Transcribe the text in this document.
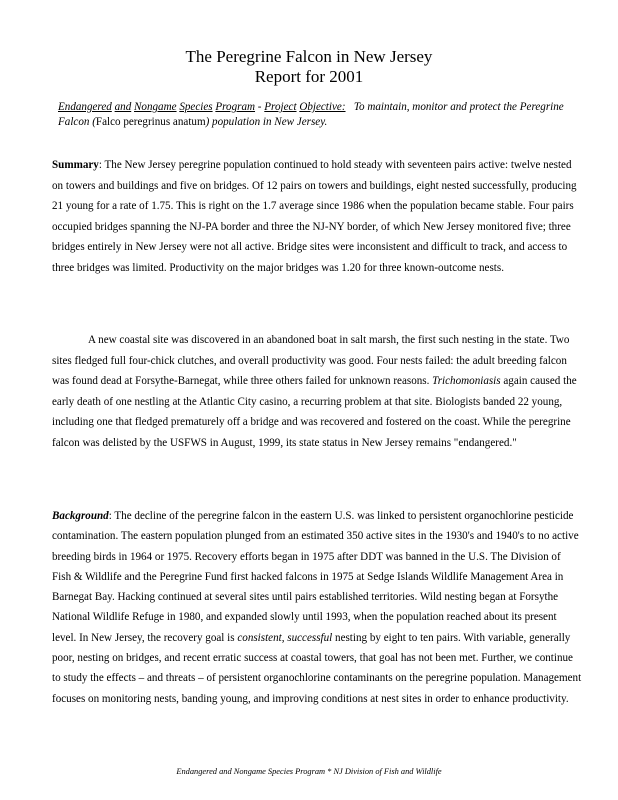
The Peregrine Falcon in New Jersey
Report for 2001
Endangered and Nongame Species Program - Project Objective: To maintain, monitor and protect the Peregrine Falcon (Falco peregrinus anatum) population in New Jersey.
Summary: The New Jersey peregrine population continued to hold steady with seventeen pairs active: twelve nested on towers and buildings and five on bridges. Of 12 pairs on towers and buildings, eight nested successfully, producing 21 young for a rate of 1.75. This is right on the 1.7 average since 1986 when the population became stable. Four pairs occupied bridges spanning the NJ-PA border and three the NJ-NY border, of which New Jersey monitored five; three bridges entirely in New Jersey were not all active. Bridge sites were inconsistent and difficult to track, and access to three bridges was limited. Productivity on the major bridges was 1.20 for three known-outcome nests.
A new coastal site was discovered in an abandoned boat in salt marsh, the first such nesting in the state. Two sites fledged full four-chick clutches, and overall productivity was good. Four nests failed: the adult breeding falcon was found dead at Forsythe-Barnegat, while three others failed for unknown reasons. Trichomoniasis again caused the early death of one nestling at the Atlantic City casino, a recurring problem at that site. Biologists banded 22 young, including one that fledged prematurely off a bridge and was recovered and fostered on the coast. While the peregrine falcon was delisted by the USFWS in August, 1999, its state status in New Jersey remains "endangered."
Background: The decline of the peregrine falcon in the eastern U.S. was linked to persistent organochlorine pesticide contamination. The eastern population plunged from an estimated 350 active sites in the 1930's and 1940's to no active breeding birds in 1964 or 1975. Recovery efforts began in 1975 after DDT was banned in the U.S. The Division of Fish & Wildlife and the Peregrine Fund first hacked falcons in 1975 at Sedge Islands Wildlife Management Area in Barnegat Bay. Hacking continued at several sites until pairs established territories. Wild nesting began at Forsythe National Wildlife Refuge in 1980, and expanded slowly until 1993, when the population reached about its present level. In New Jersey, the recovery goal is consistent, successful nesting by eight to ten pairs. With variable, generally poor, nesting on bridges, and recent erratic success at coastal towers, that goal has not been met. Further, we continue to study the effects – and threats – of persistent organochlorine contaminants on the peregrine population. Management focuses on monitoring nests, banding young, and improving conditions at nest sites in order to enhance productivity.
Endangered and Nongame Species Program * NJ Division of Fish and Wildlife
